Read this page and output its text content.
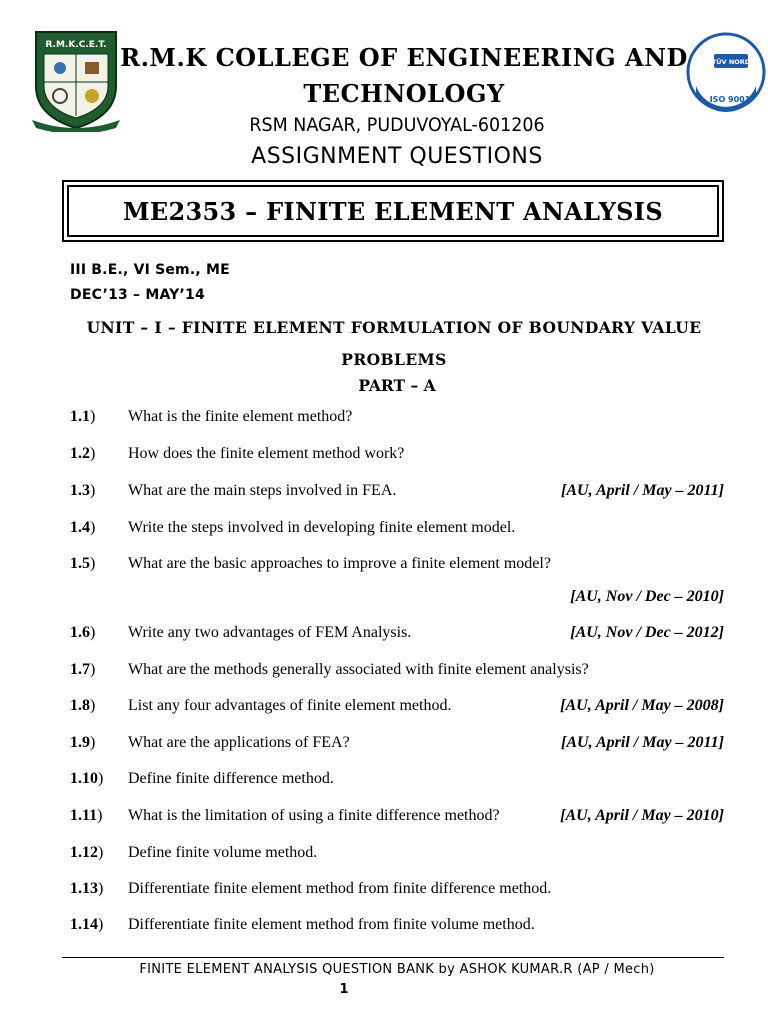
R.M.K.C.E.T.
TÜV NORD
ISO 9001
R.M.K COLLEGE OF ENGINEERING AND
TECHNOLOGY
RSM NAGAR, PUDUVOYAL-601206
ASSIGNMENT QUESTIONS
ME2353 – FINITE ELEMENT ANALYSIS
III B.E., VI Sem., ME
DEC’13 – MAY’14
UNIT – I – FINITE ELEMENT FORMULATION OF BOUNDARY VALUE PROBLEMS
PART – A
1.1) What is the finite element method?
1.2) How does the finite element method work?
1.3) What are the main steps involved in FEA.	[AU, April / May – 2011]
1.4) Write the steps involved in developing finite element model.
1.5) What are the basic approaches to improve a finite element model?
[AU, Nov / Dec – 2010]
1.6) Write any two advantages of FEM Analysis.	[AU, Nov / Dec – 2012]
1.7) What are the methods generally associated with finite element analysis?
1.8) List any four advantages of finite element method.	[AU, April / May – 2008]
1.9) What are the applications of FEA?	[AU, April / May – 2011]
1.10) Define finite difference method.
1.11) What is the limitation of using a finite difference method?	[AU, April / May – 2010]
1.12) Define finite volume method.
1.13) Differentiate finite element method from finite difference method.
1.14) Differentiate finite element method from finite volume method.
FINITE ELEMENT ANALYSIS QUESTION BANK by ASHOK KUMAR.R (AP / Mech)
1
